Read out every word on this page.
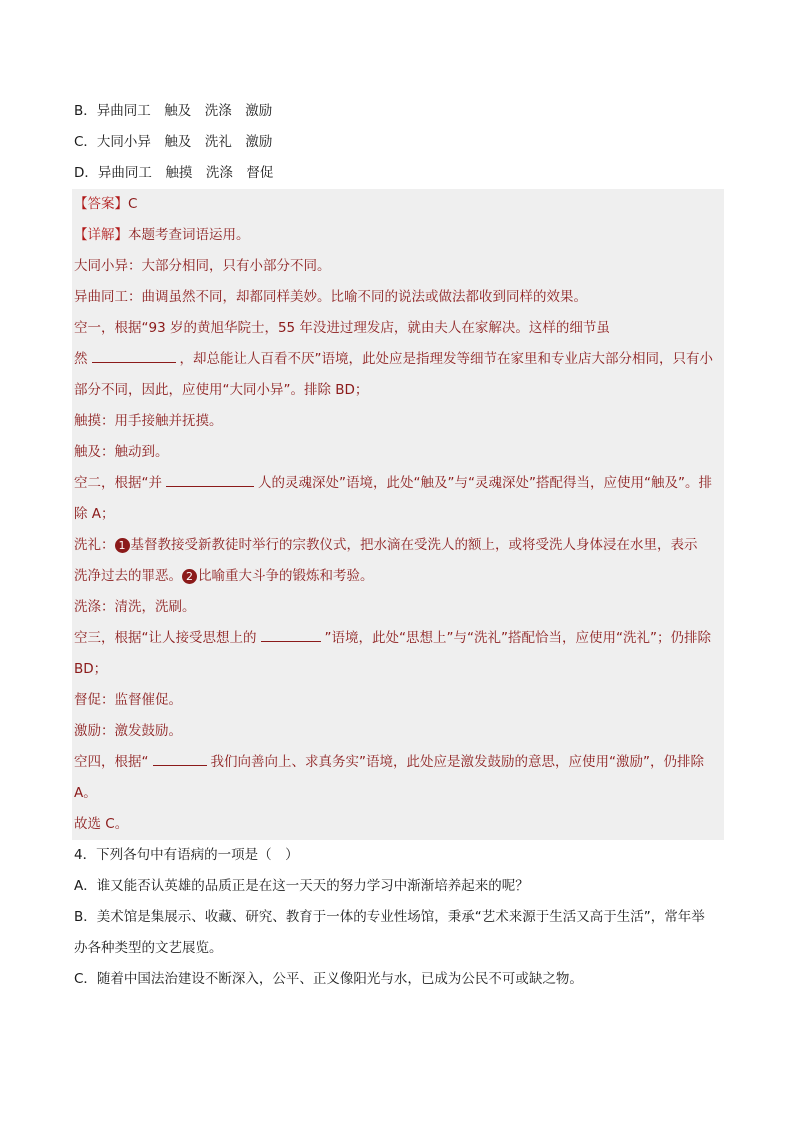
B．异曲同工　触及　洗涤　激励
C．大同小异　触及　洗礼　激励
D．异曲同工　触摸　洗涤　督促
【答案】C
【详解】本题考查词语运用。
大同小异：大部分相同，只有小部分不同。
异曲同工：曲调虽然不同，却都同样美妙。比喻不同的说法或做法都收到同样的效果。
空一，根据“93 岁的黄旭华院士，55 年没进过理发店，就由夫人在家解决。这样的细节虽
然	，却总能让人百看不厌”语境，此处应是指理发等细节在家里和专业店大部分相同，只有小
部分不同，因此，应使用“大同小异”。排除 BD；
触摸：用手接触并抚摸。
触及：触动到。
空二，根据“并	人的灵魂深处”语境，此处“触及”与“灵魂深处”搭配得当，应使用“触及”。排
除 A；
洗礼： 1 基督教接受新教徒时举行的宗教仪式，把水滴在受洗人的额上，或将受洗人身体浸在水里，表示
洗净过去的罪恶。 2 比喻重大斗争的锻炼和考验。
洗涤：清洗，洗刷。
空三，根据“让人接受思想上的	”语境，此处“思想上”与“洗礼”搭配恰当，应使用“洗礼”；仍排除
BD；
督促：监督催促。
激励：激发鼓励。
空四，根据“	我们向善向上、求真务实”语境，此处应是激发鼓励的意思，应使用“激励”，仍排除
A。
故选 C。
4．下列各句中有语病的一项是（　）
A．谁又能否认英雄的品质正是在这一天天的努力学习中渐渐培养起来的呢？
B．美术馆是集展示、收藏、研究、教育于一体的专业性场馆，秉承“艺术来源于生活又高于生活”，常年举
办各种类型的文艺展览。
C．随着中国法治建设不断深入，公平、正义像阳光与水，已成为公民不可或缺之物。
